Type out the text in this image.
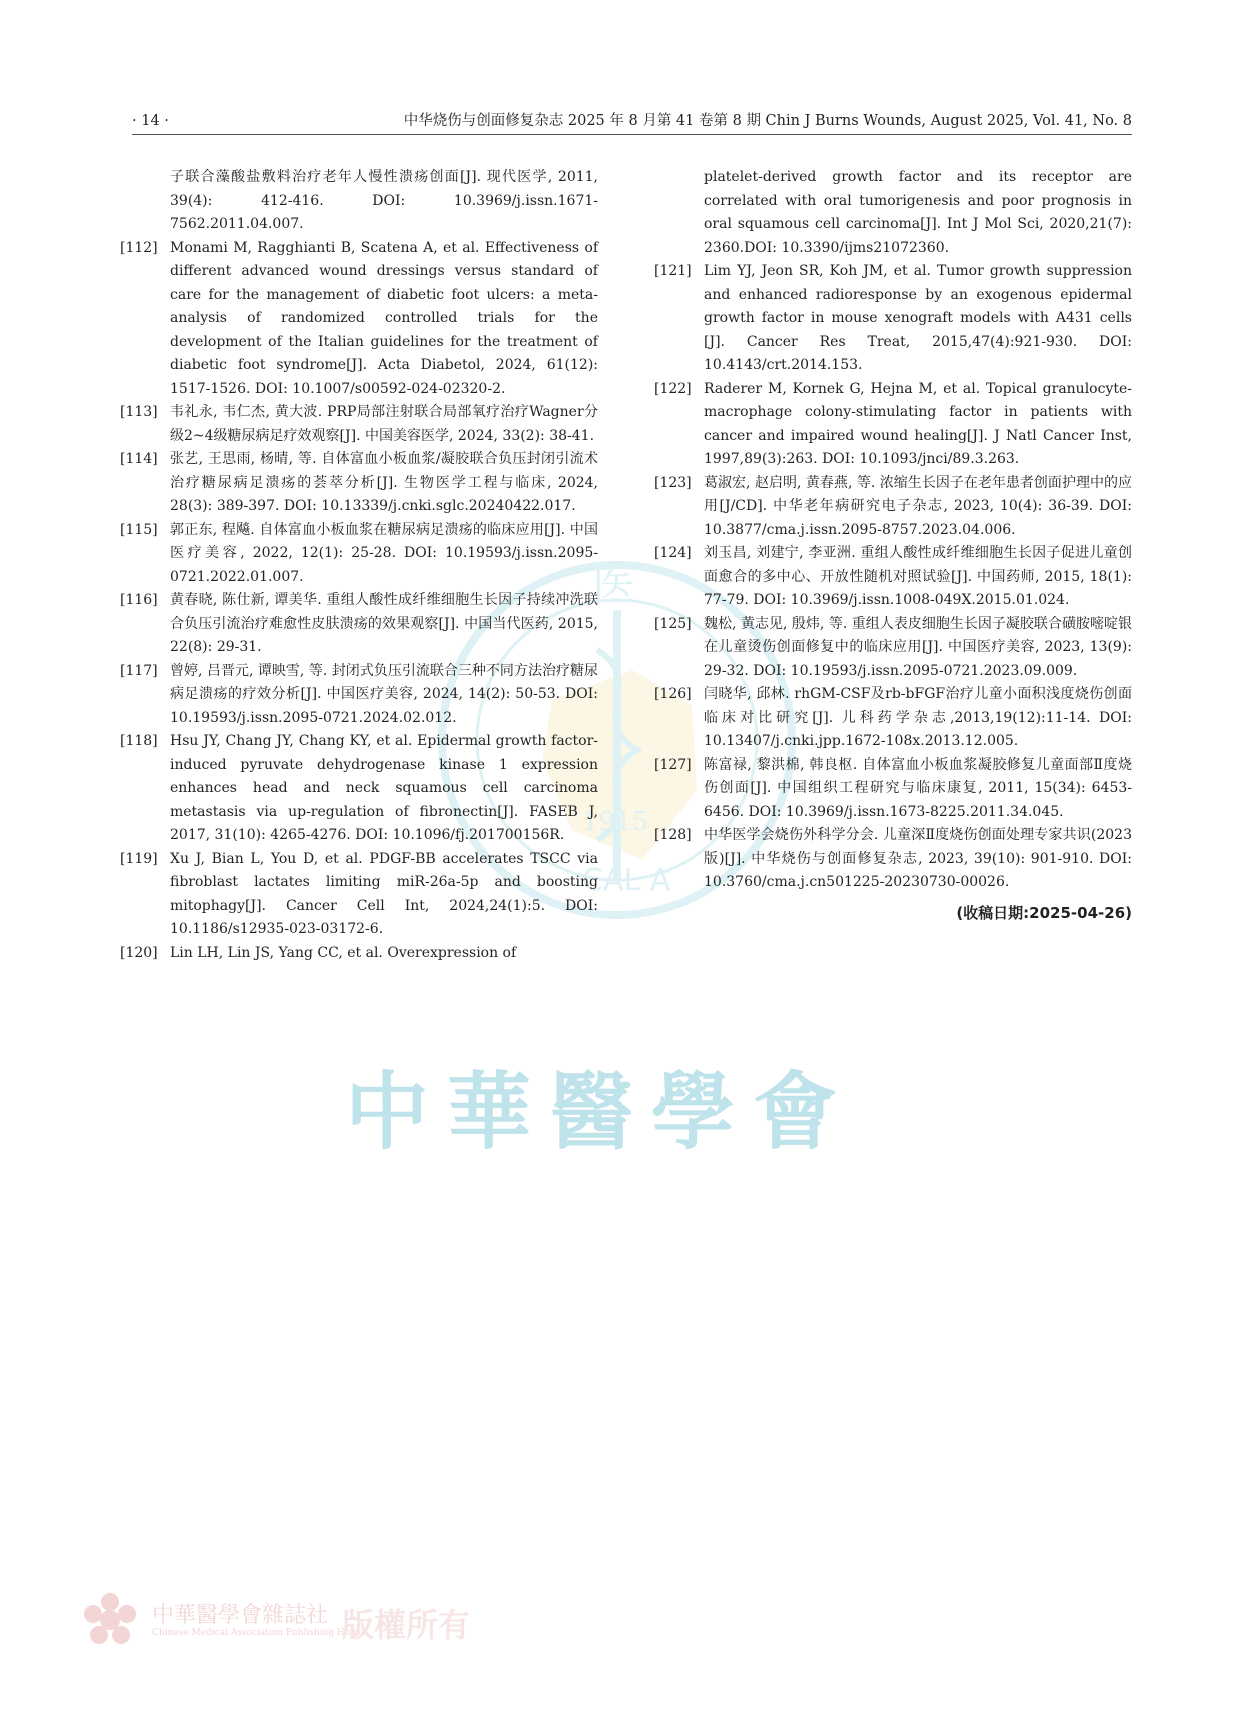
· 14 ·	中华烧伤与创面修复杂志 2025 年 8 月第 41 卷第 8 期 Chin J Burns Wounds, August 2025, Vol. 41, No. 8
医
1915
CAL A
子联合藻酸盐敷料治疗老年人慢性溃疡创面[J]. 现代医学, 2011, 39(4): 412-416. DOI: 10.3969/j.issn.1671-7562.2011.04.007.
[112] Monami M, Ragghianti B, Scatena A, et al. Effectiveness of different advanced wound dressings versus standard of care for the management of diabetic foot ulcers: a meta-analysis of randomized controlled trials for the development of the Italian guidelines for the treatment of diabetic foot syndrome[J]. Acta Diabetol, 2024, 61(12): 1517-1526. DOI: 10.1007/s00592-024-02320-2.
[113] 韦礼永, 韦仁杰, 黄大波. PRP局部注射联合局部氧疗治疗Wagner分级2~4级糖尿病足疗效观察[J]. 中国美容医学, 2024, 33(2): 38-41.
[114] 张艺, 王思雨, 杨晴, 等. 自体富血小板血浆/凝胶联合负压封闭引流术治疗糖尿病足溃疡的荟萃分析[J]. 生物医学工程与临床, 2024, 28(3): 389-397. DOI: 10.13339/j.cnki.sglc.20240422.017.
[115] 郭正东, 程飚. 自体富血小板血浆在糖尿病足溃疡的临床应用[J]. 中国医疗美容, 2022, 12(1): 25-28. DOI: 10.19593/j.issn.2095-0721.2022.01.007.
[116] 黄春晓, 陈仕新, 谭美华. 重组人酸性成纤维细胞生长因子持续冲洗联合负压引流治疗难愈性皮肤溃疡的效果观察[J]. 中国当代医药, 2015, 22(8): 29-31.
[117] 曾婷, 吕晋元, 谭映雪, 等. 封闭式负压引流联合三种不同方法治疗糖尿病足溃疡的疗效分析[J]. 中国医疗美容, 2024, 14(2): 50-53. DOI: 10.19593/j.issn.2095-0721.2024.02.012.
[118] Hsu JY, Chang JY, Chang KY, et al. Epidermal growth factor-induced pyruvate dehydrogenase kinase 1 expression enhances head and neck squamous cell carcinoma metastasis via up-regulation of fibronectin[J]. FASEB J, 2017, 31(10): 4265-4276. DOI: 10.1096/fj.201700156R.
[119] Xu J, Bian L, You D, et al. PDGF-BB accelerates TSCC via fibroblast lactates limiting miR-26a-5p and boosting mitophagy[J]. Cancer Cell Int, 2024,24(1):5. DOI: 10.1186/s12935-023-03172-6.
[120] Lin LH, Lin JS, Yang CC, et al. Overexpression of
platelet-derived growth factor and its receptor are correlated with oral tumorigenesis and poor prognosis in oral squamous cell carcinoma[J]. Int J Mol Sci, 2020,21(7): 2360.DOI: 10.3390/ijms21072360.
[121] Lim YJ, Jeon SR, Koh JM, et al. Tumor growth suppression and enhanced radioresponse by an exogenous epidermal growth factor in mouse xenograft models with A431 cells [J]. Cancer Res Treat, 2015,47(4):921-930. DOI: 10.4143/crt.2014.153.
[122] Raderer M, Kornek G, Hejna M, et al. Topical granulocyte-macrophage colony-stimulating factor in patients with cancer and impaired wound healing[J]. J Natl Cancer Inst, 1997,89(3):263. DOI: 10.1093/jnci/89.3.263.
[123] 葛淑宏, 赵启明, 黄春燕, 等. 浓缩生长因子在老年患者创面护理中的应用[J/CD]. 中华老年病研究电子杂志, 2023, 10(4): 36-39. DOI: 10.3877/cma.j.issn.2095-8757.2023.04.006.
[124] 刘玉昌, 刘建宁, 李亚洲. 重组人酸性成纤维细胞生长因子促进儿童创面愈合的多中心、开放性随机对照试验[J]. 中国药师, 2015, 18(1): 77-79. DOI: 10.3969/j.issn.1008-049X.2015.01.024.
[125] 魏松, 黄志见, 殷炜, 等. 重组人表皮细胞生长因子凝胶联合磺胺嘧啶银在儿童烫伤创面修复中的临床应用[J]. 中国医疗美容, 2023, 13(9): 29-32. DOI: 10.19593/j.issn.2095-0721.2023.09.009.
[126] 闫晓华, 邱林. rhGM-CSF及rb-bFGF治疗儿童小面积浅度烧伤创面临床对比研究[J]. 儿科药学杂志,2013,19(12):11-14. DOI: 10.13407/j.cnki.jpp.1672-108x.2013.12.005.
[127] 陈富禄, 黎洪棉, 韩良枢. 自体富血小板血浆凝胶修复儿童面部Ⅱ度烧伤创面[J]. 中国组织工程研究与临床康复, 2011, 15(34): 6453-6456. DOI: 10.3969/j.issn.1673-8225.2011.34.045.
[128] 中华医学会烧伤外科学分会. 儿童深Ⅱ度烧伤创面处理专家共识(2023版)[J]. 中华烧伤与创面修复杂志, 2023, 39(10): 901-910. DOI: 10.3760/cma.j.cn501225-20230730-00026.
(收稿日期:2025-04-26)
中華醫學會
中華醫學會雜誌社
Chinese Medical Association Publishing House
版權所有
